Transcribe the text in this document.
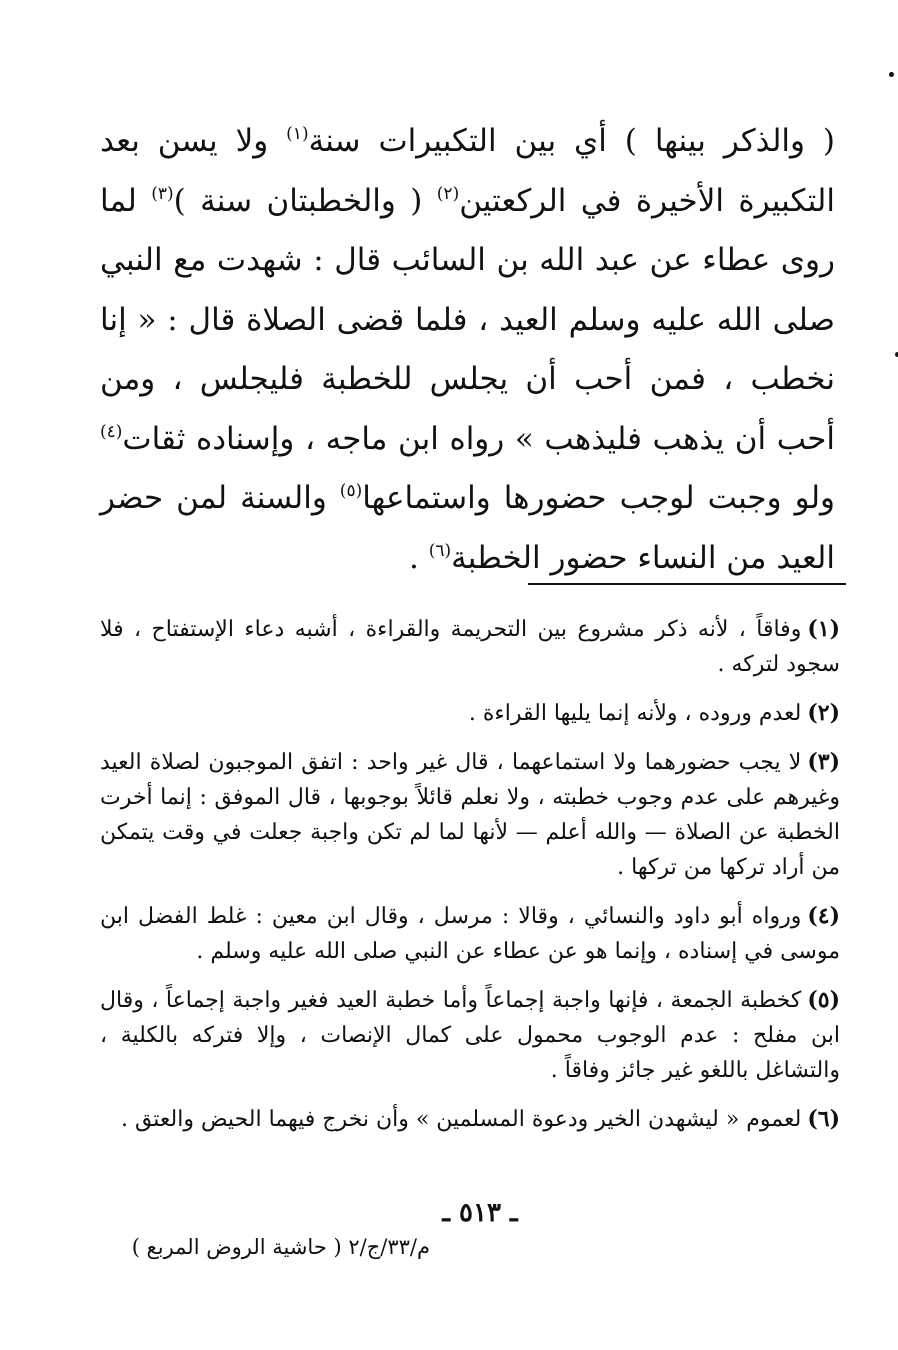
( والذكر بينها ) أي بين التكبيرات سنة$^{(١)}$ ولا يسن بعد التكبيرة الأخيرة في الركعتين$^{(٢)}$ ( والخطبتان سنة )$^{(٣)}$ لما روى عطاء عن عبد الله بن السائب قال : شهدت مع النبي صلى الله عليه وسلم العيد ، فلما قضى الصلاة قال : « إنا نخطب ، فمن أحب أن يجلس للخطبة فليجلس ، ومن أحب أن يذهب فليذهب » رواه ابن ماجه ، وإسناده ثقات$^{(٤)}$ ولو وجبت لوجب حضورها واستماعها$^{(٥)}$ والسنة لمن حضر العيد من النساء حضور الخطبة$^{(٦)}$ .

(١)وفاقاً ، لأنه ذكر مشروع بين التحريمة والقراءة ، أشبه دعاء الإستفتاح ، فلا سجود لتركه .

(٢)لعدم وروده ، ولأنه إنما يليها القراءة .

(٣)لا يجب حضورهما ولا استماعهما ، قال غير واحد : اتفق الموجبون لصلاة العيد وغيرهم على عدم وجوب خطبته ، ولا نعلم قائلاً بوجوبها ، قال الموفق : إنما أخرت الخطبة عن الصلاة — والله أعلم — لأنها لما لم تكن واجبة جعلت في وقت يتمكن من أراد تركها من تركها .

(٤)ورواه أبو داود والنسائي ، وقالا : مرسل ، وقال ابن معين : غلط الفضل ابن موسى في إسناده ، وإنما هو عن عطاء عن النبي صلى الله عليه وسلم .

(٥)كخطبة الجمعة ، فإنها واجبة إجماعاً وأما خطبة العيد فغير واجبة إجماعاً ، وقال ابن مفلح : عدم الوجوب محمول على كمال الإنصات ، وإلا فتركه بالكلية ، والتشاغل باللغو غير جائز وفاقاً .

(٦)لعموم « ليشهدن الخير ودعوة المسلمين » وأن نخرج فيهما الحيض والعتق .

ـ ٥١٣ ـ
م/٣٣/ج/٢ ( حاشية الروض المربع )
